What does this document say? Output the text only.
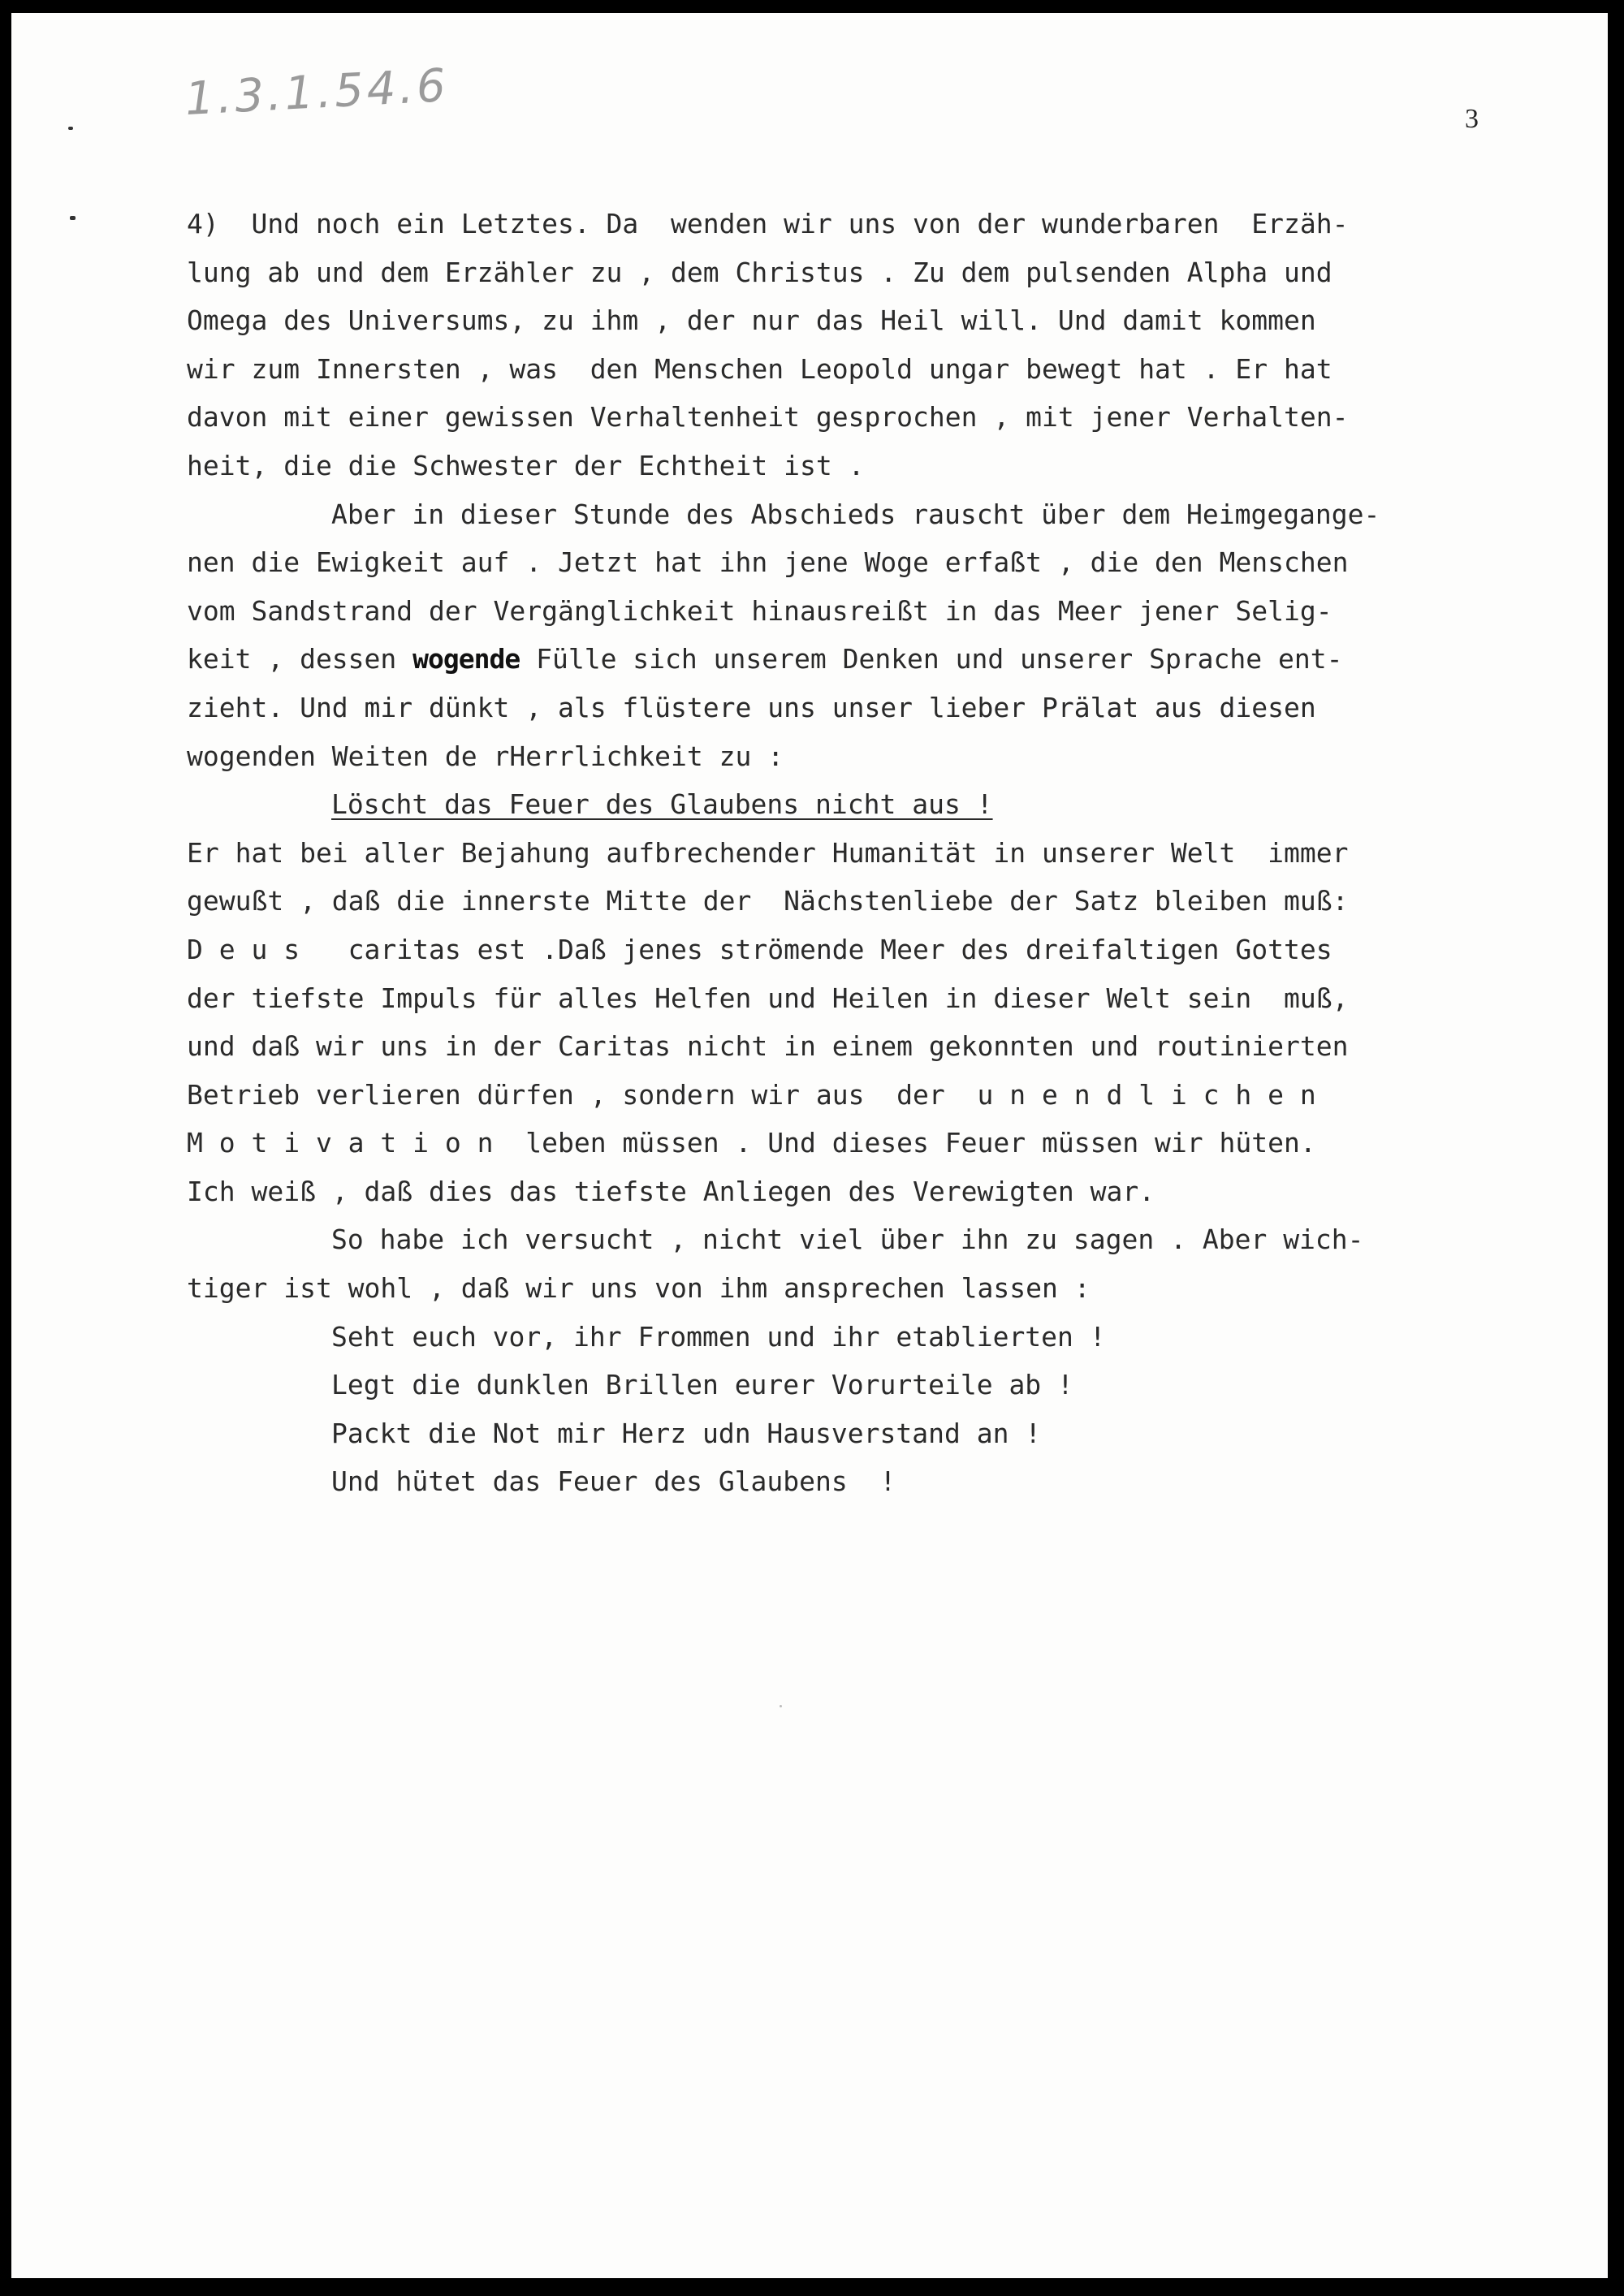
1.3.1.54.6	3
4)  Und noch ein Letztes. Da  wenden wir uns von der wunderbaren  Erzäh-
lung ab und dem Erzähler zu , dem Christus . Zu dem pulsenden Alpha und
Omega des Universums, zu ihm , der nur das Heil will. Und damit kommen
wir zum Innersten , was  den Menschen Leopold ungar bewegt hat . Er hat
davon mit einer gewissen Verhaltenheit gesprochen , mit jener Verhalten-
heit, die die Schwester der Echtheit ist .
Aber in dieser Stunde des Abschieds rauscht über dem Heimgegange-
nen die Ewigkeit auf . Jetzt hat ihn jene Woge erfaßt , die den Menschen
vom Sandstrand der Vergänglichkeit hinausreißt in das Meer jener Selig-
keit , dessen wogende Fülle sich unserem Denken und unserer Sprache ent-
zieht. Und mir dünkt , als flüstere uns unser lieber Prälat aus diesen
wogenden Weiten de rHerrlichkeit zu :
Löscht das Feuer des Glaubens nicht aus !
Er hat bei aller Bejahung aufbrechender Humanität in unserer Welt  immer
gewußt , daß die innerste Mitte der  Nächstenliebe der Satz bleiben muß:
D e u s   caritas est .Daß jenes strömende Meer des dreifaltigen Gottes
der tiefste Impuls für alles Helfen und Heilen in dieser Welt sein  muß,
und daß wir uns in der Caritas nicht in einem gekonnten und routinierten
Betrieb verlieren dürfen , sondern wir aus  der  u n e n d l i c h e n
M o t i v a t i o n  leben müssen . Und dieses Feuer müssen wir hüten.
Ich weiß , daß dies das tiefste Anliegen des Verewigten war.
So habe ich versucht , nicht viel über ihn zu sagen . Aber wich-
tiger ist wohl , daß wir uns von ihm ansprechen lassen :
Seht euch vor, ihr Frommen und ihr etablierten !
Legt die dunklen Brillen eurer Vorurteile ab !
Packt die Not mir Herz udn Hausverstand an !
Und hütet das Feuer des Glaubens  !
